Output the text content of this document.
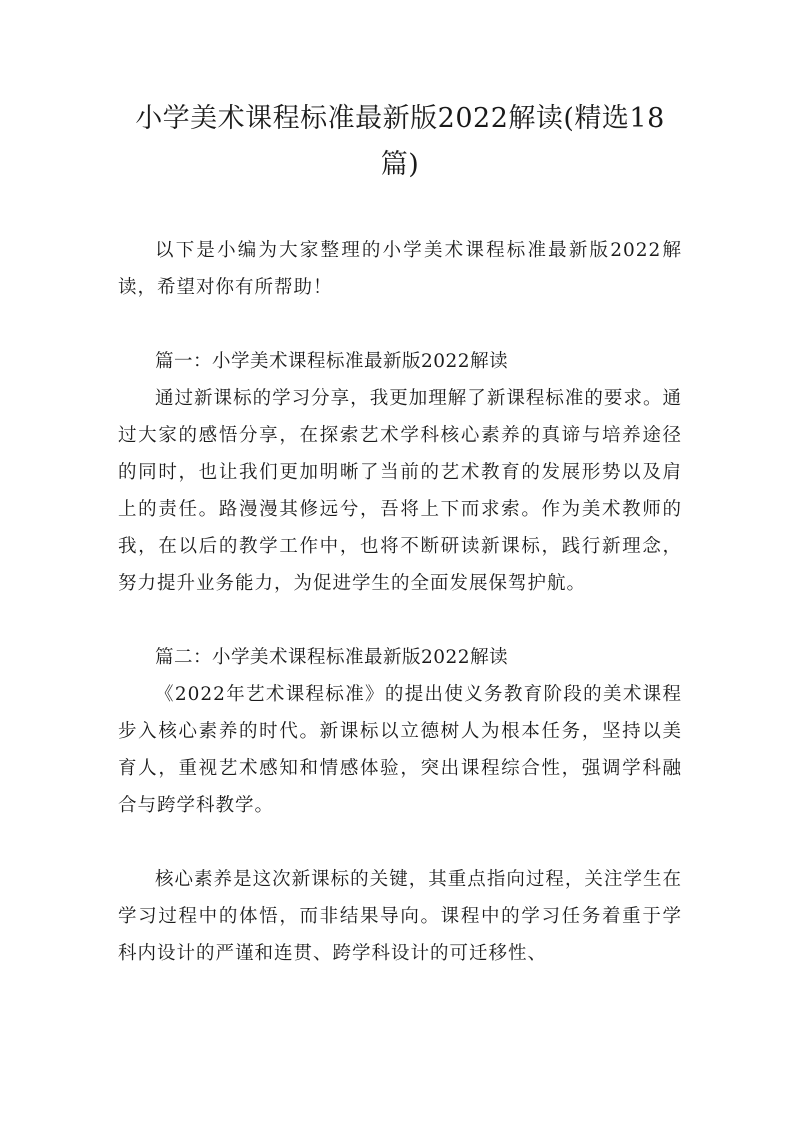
小学美术课程标准最新版2022解读(精选18篇)

以下是小编为大家整理的小学美术课程标准最新版2022解读，希望对你有所帮助！

篇一：小学美术课程标准最新版2022解读

通过新课标的学习分享，我更加理解了新课程标准的要求。通过大家的感悟分享，在探索艺术学科核心素养的真谛与培养途径的同时，也让我们更加明晰了当前的艺术教育的发展形势以及肩上的责任。路漫漫其修远兮，吾将上下而求索。作为美术教师的我，在以后的教学工作中，也将不断研读新课标，践行新理念，努力提升业务能力，为促进学生的全面发展保驾护航。

篇二：小学美术课程标准最新版2022解读

《2022年艺术课程标准》的提出使义务教育阶段的美术课程步入核心素养的时代。新课标以立德树人为根本任务，坚持以美育人，重视艺术感知和情感体验，突出课程综合性，强调学科融合与跨学科教学。

核心素养是这次新课标的关键，其重点指向过程，关注学生在学习过程中的体悟，而非结果导向。课程中的学习任务着重于学科内设计的严谨和连贯、跨学科设计的可迁移性、
